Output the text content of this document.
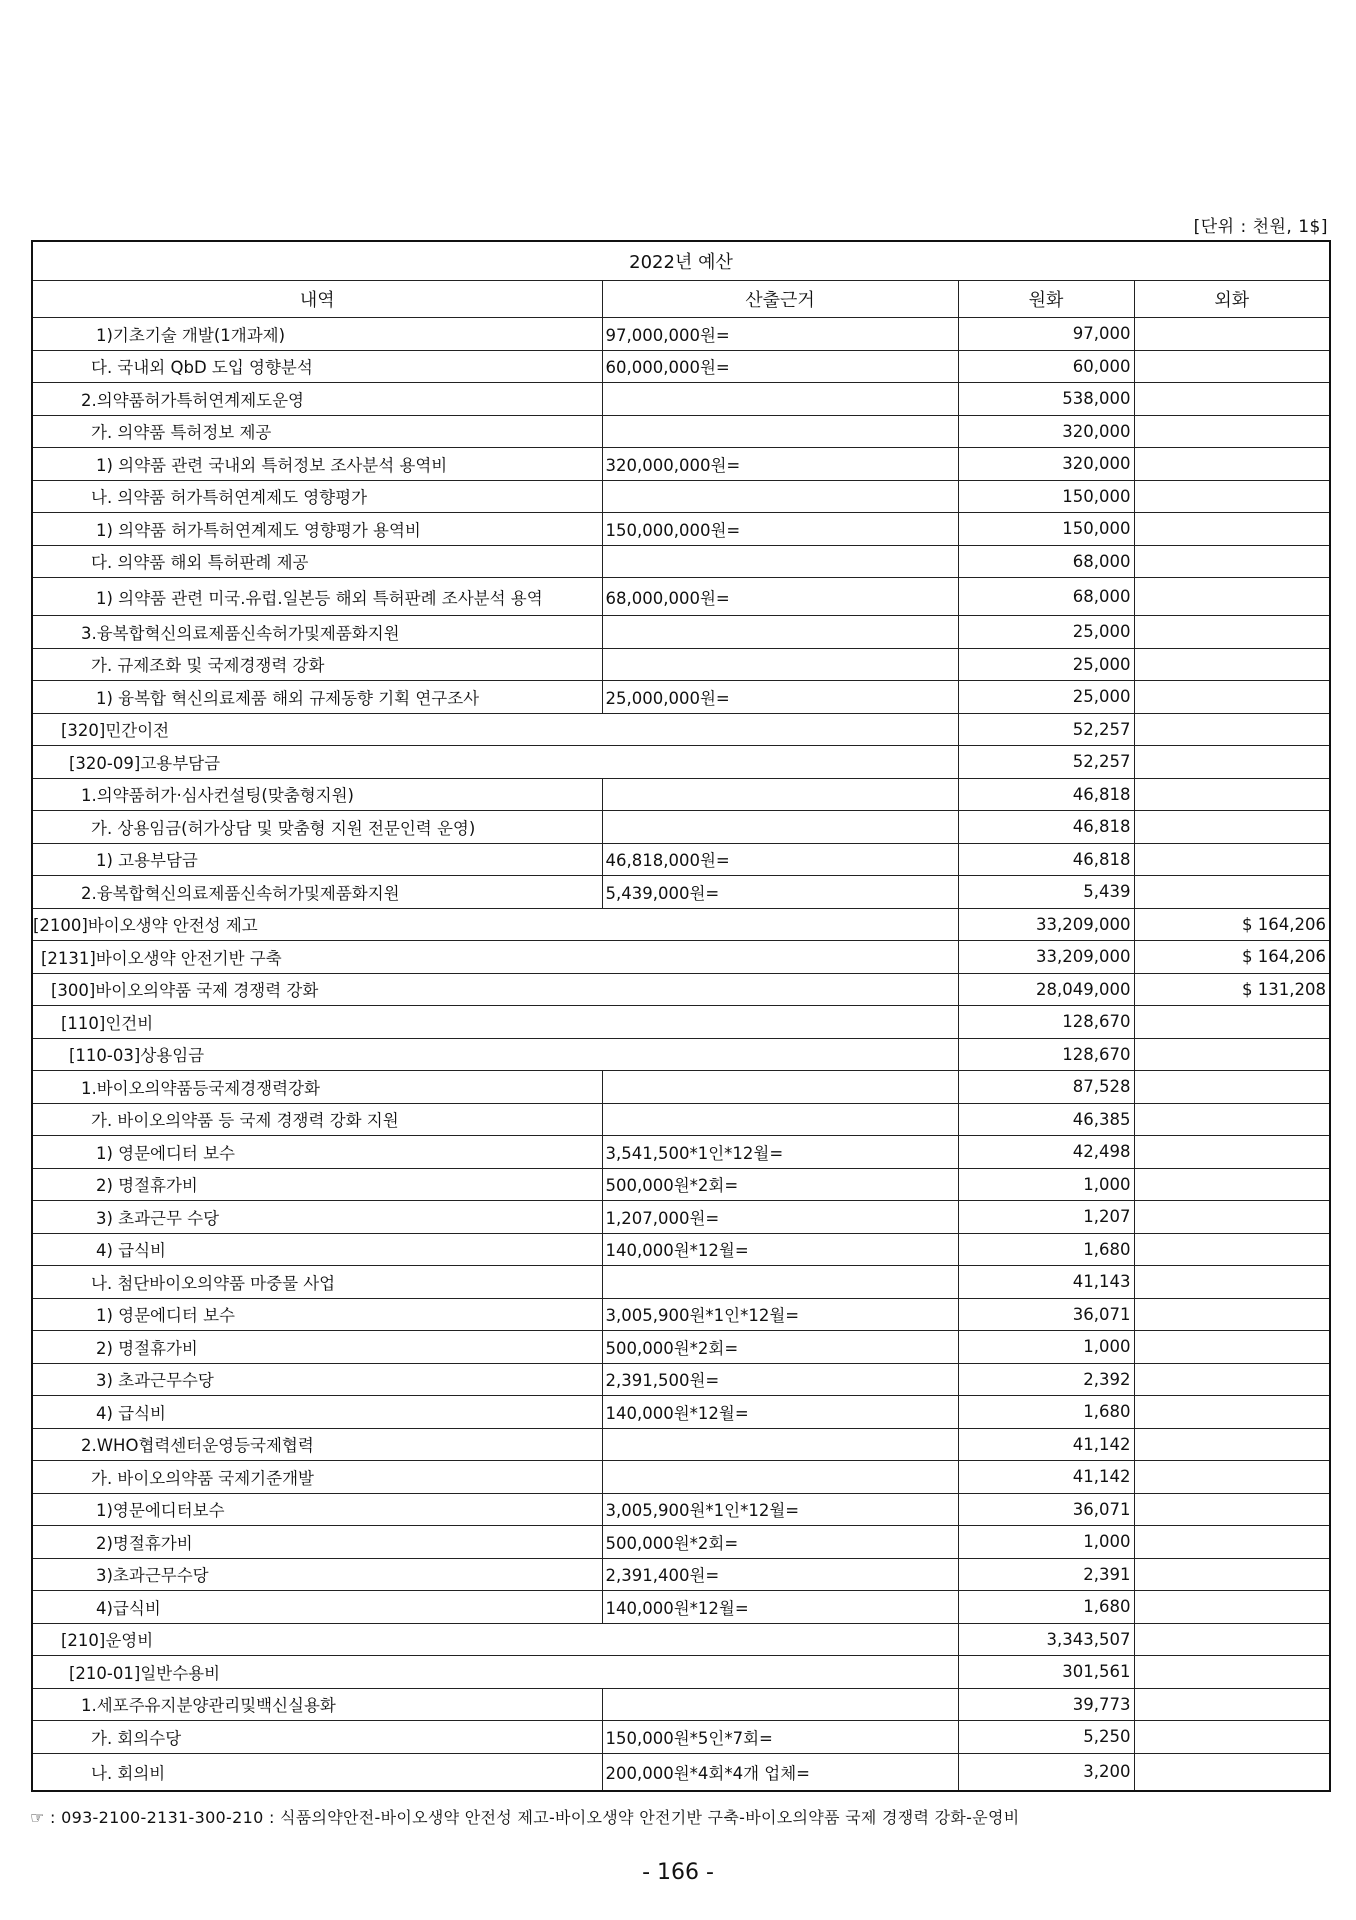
[단위 : 천원, 1$]
2022년 예산			
내역	산출근거	원화	외화
1)기초기술 개발(1개과제)	97,000,000원=	97,000	
다. 국내외 QbD 도입 영향분석	60,000,000원=	60,000	
2.의약품허가특허연계제도운영		538,000	
가. 의약품 특허정보 제공		320,000	
1) 의약품 관련 국내외 특허정보 조사분석 용역비	320,000,000원=	320,000	
나. 의약품 허가특허연계제도 영향평가		150,000	
1) 의약품 허가특허연계제도 영향평가 용역비	150,000,000원=	150,000	
다. 의약품 해외 특허판례 제공		68,000	
1) 의약품 관련 미국.유럽.일본등 해외 특허판례 조사분석 용역	68,000,000원=	68,000	
3.융복합혁신의료제품신속허가및제품화지원		25,000	
가. 규제조화 및 국제경쟁력 강화		25,000	
1) 융복합 혁신의료제품 해외 규제동향 기획 연구조사	25,000,000원=	25,000	
[320]민간이전		52,257	
[320-09]고용부담금		52,257	
1.의약품허가·심사컨설팅(맞춤형지원)		46,818	
가. 상용임금(허가상담 및 맞춤형 지원 전문인력 운영)		46,818	
1) 고용부담금	46,818,000원=	46,818	
2.융복합혁신의료제품신속허가및제품화지원	5,439,000원=	5,439	
[2100]바이오생약 안전성 제고		33,209,000	$ 164,206
[2131]바이오생약 안전기반 구축		33,209,000	$ 164,206
[300]바이오의약품 국제 경쟁력 강화		28,049,000	$ 131,208
[110]인건비		128,670	
[110-03]상용임금		128,670	
1.바이오의약품등국제경쟁력강화		87,528	
가. 바이오의약품 등 국제 경쟁력 강화 지원		46,385	
1) 영문에디터 보수	3,541,500*1인*12월=	42,498	
2) 명절휴가비	500,000원*2회=	1,000	
3) 초과근무 수당	1,207,000원=	1,207	
4) 급식비	140,000원*12월=	1,680	
나. 첨단바이오의약품 마중물 사업		41,143	
1) 영문에디터 보수	3,005,900원*1인*12월=	36,071	
2) 명절휴가비	500,000원*2회=	1,000	
3) 초과근무수당	2,391,500원=	2,392	
4) 급식비	140,000원*12월=	1,680	
2.WHO협력센터운영등국제협력		41,142	
가. 바이오의약품 국제기준개발		41,142	
1)영문에디터보수	3,005,900원*1인*12월=	36,071	
2)명절휴가비	500,000원*2회=	1,000	
3)초과근무수당	2,391,400원=	2,391	
4)급식비	140,000원*12월=	1,680	
[210]운영비		3,343,507	
[210-01]일반수용비		301,561	
1.세포주유지분양관리및백신실용화		39,773	
가. 회의수당	150,000원*5인*7회=	5,250	
나. 회의비	200,000원*4회*4개 업체=	3,200	
☞ : 093-2100-2131-300-210 : 식품의약안전-바이오생약 안전성 제고-바이오생약 안전기반 구축-바이오의약품 국제 경쟁력 강화-운영비
- 166 -
